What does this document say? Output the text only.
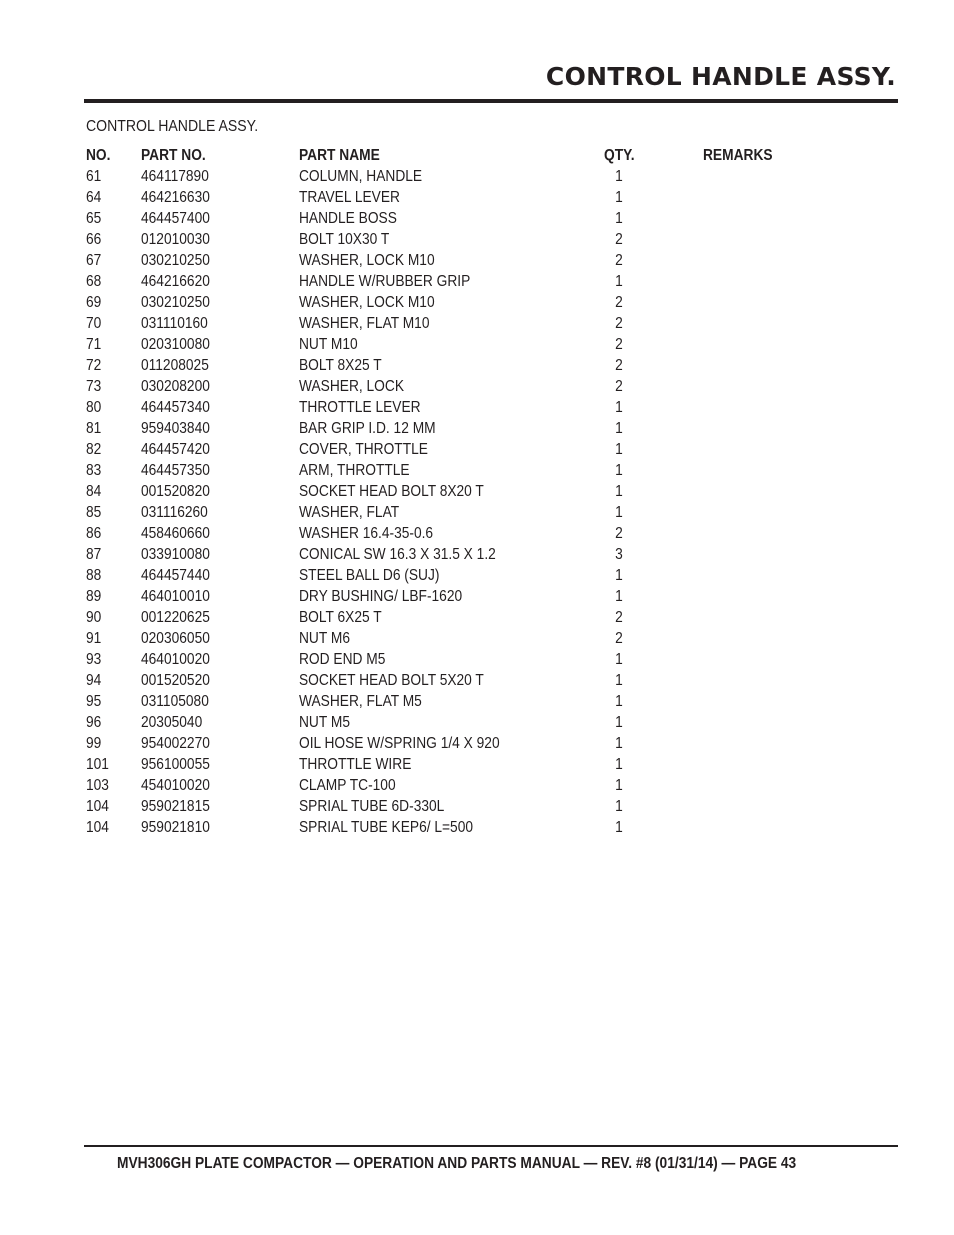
CONTROL HANDLE ASSY.
CONTROL HANDLE ASSY.
NO.	PART NO.	PART NAME	QTY.	REMARKS
61	464117890	COLUMN, HANDLE	1	
64	464216630	TRAVEL LEVER	1	
65	464457400	HANDLE BOSS	1	
66	012010030	BOLT 10X30 T	2	
67	030210250	WASHER, LOCK M10	2	
68	464216620	HANDLE W/RUBBER GRIP	1	
69	030210250	WASHER, LOCK M10	2	
70	031110160	WASHER, FLAT M10	2	
71	020310080	NUT M10	2	
72	011208025	BOLT 8X25 T	2	
73	030208200	WASHER, LOCK	2	
80	464457340	THROTTLE LEVER	1	
81	959403840	BAR GRIP I.D. 12 MM	1	
82	464457420	COVER, THROTTLE	1	
83	464457350	ARM, THROTTLE	1	
84	001520820	SOCKET HEAD BOLT 8X20 T	1	
85	031116260	WASHER, FLAT	1	
86	458460660	WASHER 16.4-35-0.6	2	
87	033910080	CONICAL SW 16.3 X 31.5 X 1.2	3	
88	464457440	STEEL BALL D6 (SUJ)	1	
89	464010010	DRY BUSHING/ LBF-1620	1	
90	001220625	BOLT 6X25 T	2	
91	020306050	NUT M6	2	
93	464010020	ROD END M5	1	
94	001520520	SOCKET HEAD BOLT 5X20 T	1	
95	031105080	WASHER, FLAT M5	1	
96	20305040	NUT M5	1	
99	954002270	OIL HOSE W/SPRING 1/4 X 920	1	
101	956100055	THROTTLE WIRE	1	
103	454010020	CLAMP TC-100	1	
104	959021815	SPRIAL TUBE 6D-330L	1	
104	959021810	SPRIAL TUBE KEP6/ L=500	1	
MVH306GH PLATE COMPACTOR — OPERATION AND PARTS MANUAL — REV. #8 (01/31/14) — PAGE 43
